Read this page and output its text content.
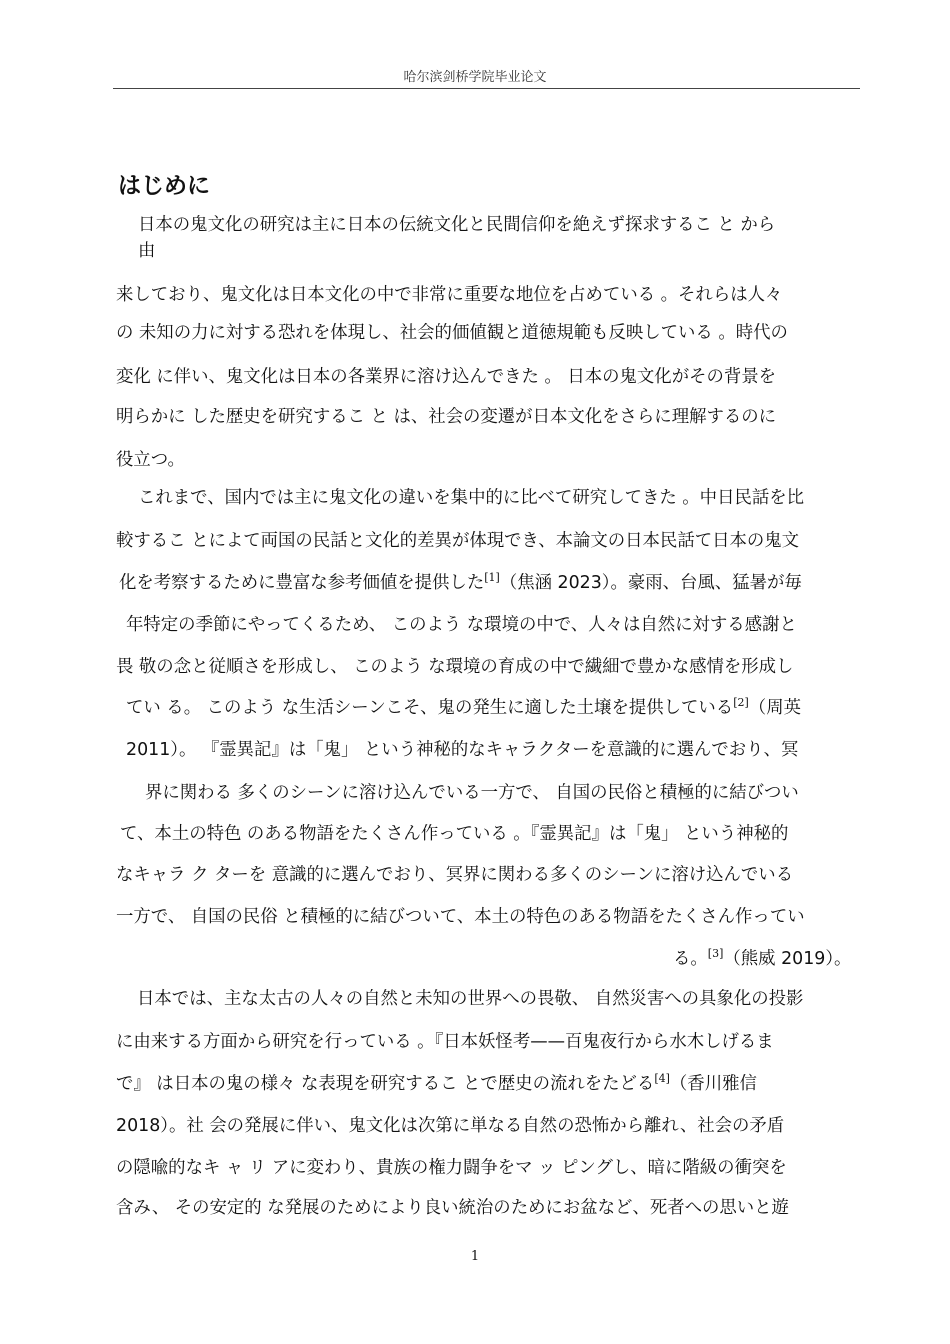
哈尔滨剑桥学院毕业论文
はじめに

日本の鬼文化の研究は主に日本の伝統文化と民間信仰を絶えず探求するこ と から

由

来しており、鬼文化は日本文化の中で非常に重要な地位を占めている 。それらは人々

の 未知の力に対する恐れを体現し、社会的価値観と道徳規範も反映している 。時代の

変化 に伴い、鬼文化は日本の各業界に溶け込んできた 。 日本の鬼文化がその背景を

明らかに した歴史を研究するこ と は、社会の変遷が日本文化をさらに理解するのに

役立つ。

これまで、国内では主に鬼文化の違いを集中的に比べて研究してきた 。中日民話を比

較するこ とによて両国の民話と文化的差異が体現でき、本論文の日本民話て日本の鬼文

化を考察するために豊富な参考価値を提供した[1]（焦涵 2023）。豪雨、台風、猛暑が毎

年特定の季節にやってくるため、 このよう な環境の中で、人々は自然に対する感謝と

畏 敬の念と従順さを形成し、 このよう な環境の育成の中で繊細で豊かな感情を形成し

てい る。 このよう な生活シーンこそ、鬼の発生に適した土壌を提供している[2]（周英

2011）。 『霊異記』は「鬼」 という神秘的なキャラクターを意識的に選んでおり、冥

界に関わる 多くのシーンに溶け込んでいる一方で、 自国の民俗と積極的に結びつい

て、本土の特色 のある物語をたくさん作っている 。『霊異記』は「鬼」 という神秘的

なキャラ ク ターを 意識的に選んでおり、冥界に関わる多くのシーンに溶け込んでいる

一方で、 自国の民俗 と積極的に結びついて、本土の特色のある物語をたくさん作ってい

る。[3]（熊威 2019）。

日本では、主な太古の人々の自然と未知の世界への畏敬、 自然災害への具象化の投影

に由来する方面から研究を行っている 。『日本妖怪考——百鬼夜行から水木しげるま

で』 は日本の鬼の様々 な表現を研究するこ とで歴史の流れをたどる[4]（香川雅信

2018）。社 会の発展に伴い、鬼文化は次第に単なる自然の恐怖から離れ、社会の矛盾

の隠喩的なキ ャ リ アに変わり、貴族の権力闘争をマ ッ ピングし、暗に階級の衝突を

含み、 その安定的 な発展のためにより良い統治のためにお盆など、死者への思いと遊

1
